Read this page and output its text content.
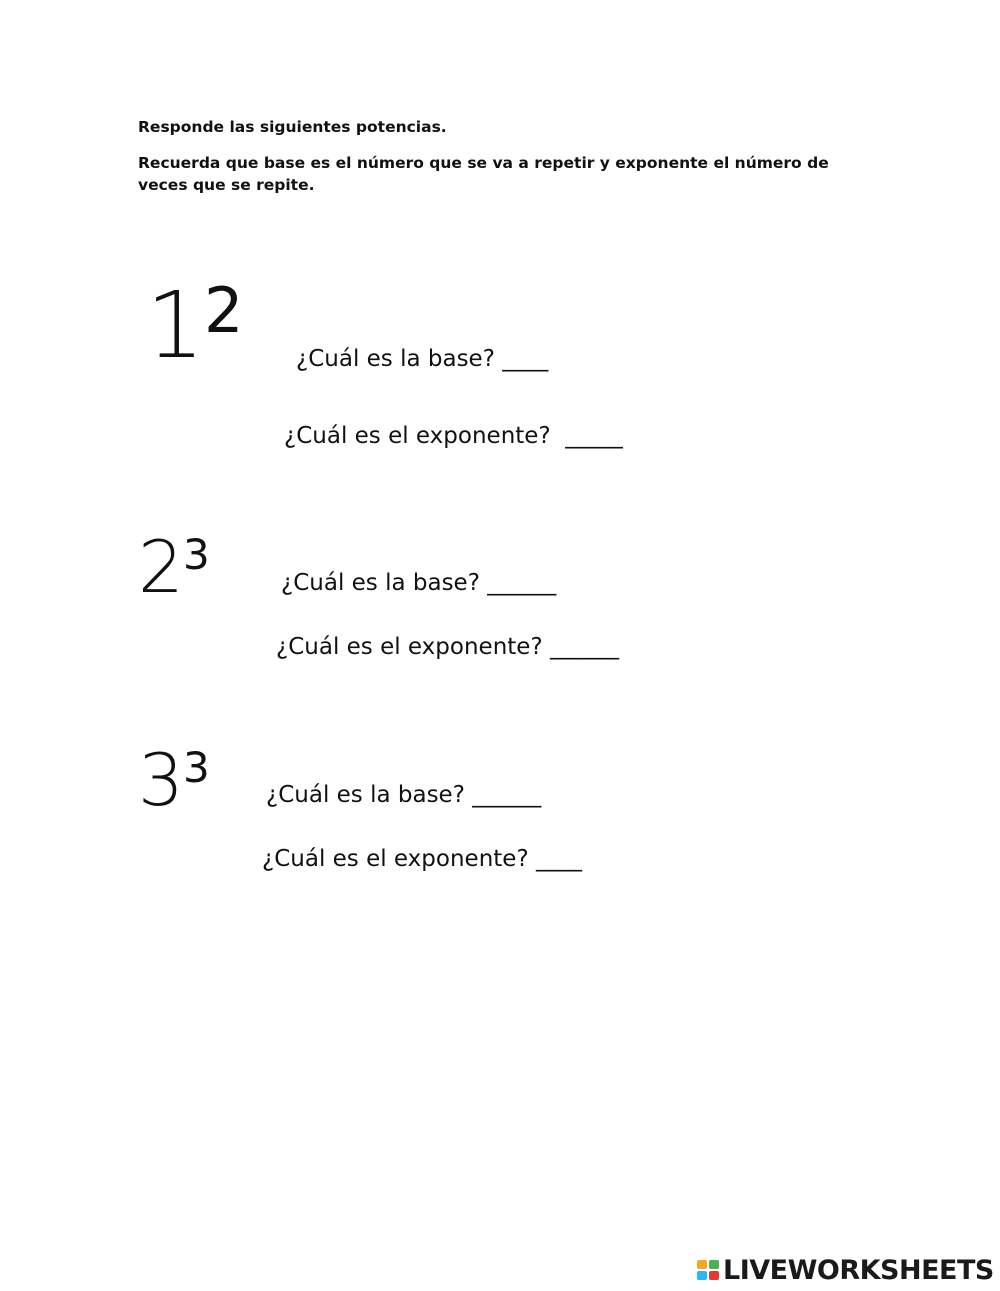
Responde las siguientes potencias.

Recuerda que base es el número que se va a repetir y exponente el número de veces que se repite.

1 2
¿Cuál es la base? ____
¿Cuál es el exponente?  _____
2 3
¿Cuál es la base? ______
¿Cuál es el exponente? ______
3 3
¿Cuál es la base? ______
¿Cuál es el exponente? ____
LIVEWORKSHEETS
